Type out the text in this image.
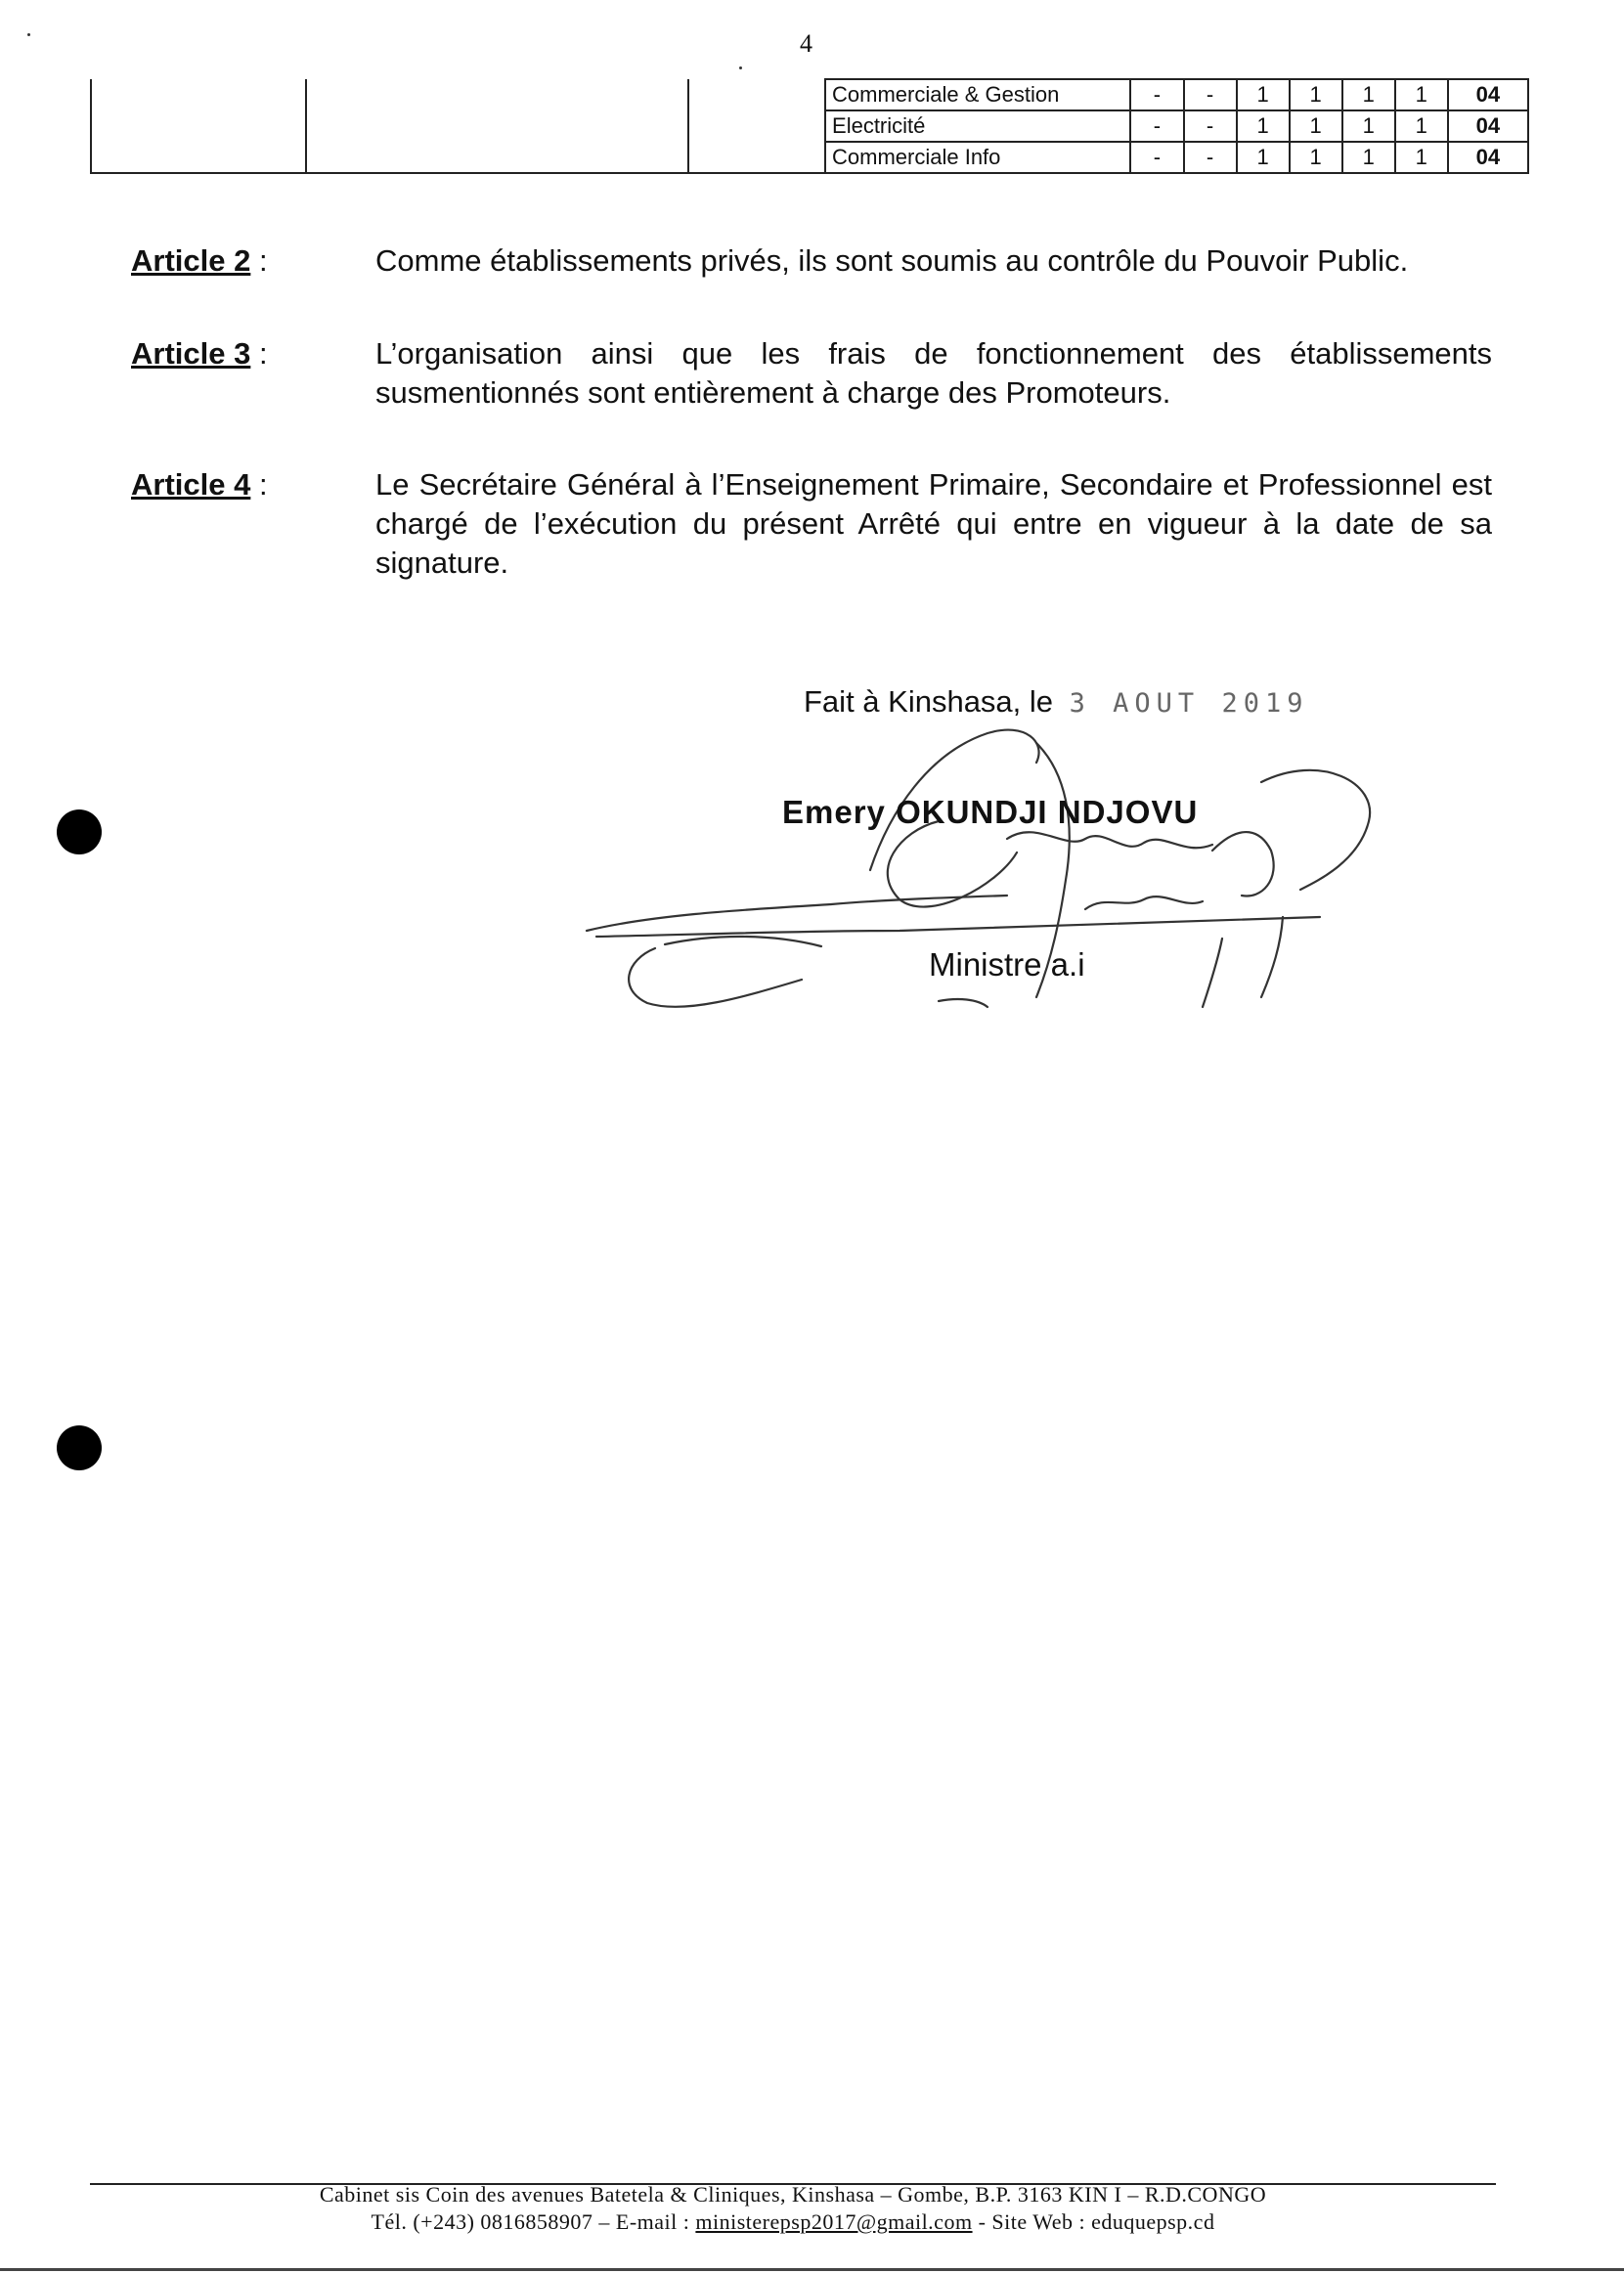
4
			Commerciale & Gestion	-	-	1	1	1	1	04
			Electricité	-	-	1	1	1	1	04
			Commerciale Info	-	-	1	1	1	1	04
Article 2 :	Comme établissements privés, ils sont soumis au contrôle du Pouvoir Public.
Article 3 :	L’organisation ainsi que les frais de fonctionnement des établissements susmentionnés sont entièrement à charge des Promoteurs.
Article 4 :	Le Secrétaire Général à l’Enseignement Primaire, Secondaire et Professionnel est chargé de l’exécution du présent Arrêté qui entre en vigueur à la date de sa signature.
Fait à Kinshasa, le 3 AOUT 2019
Emery OKUNDJI NDJOVU
Ministre a.i
Cabinet sis Coin des avenues Batetela & Cliniques, Kinshasa – Gombe, B.P. 3163 KIN I – R.D.CONGO
Tél. (+243) 0816858907 – E-mail : ministerepsp2017@gmail.com - Site Web : eduquepsp.cd
